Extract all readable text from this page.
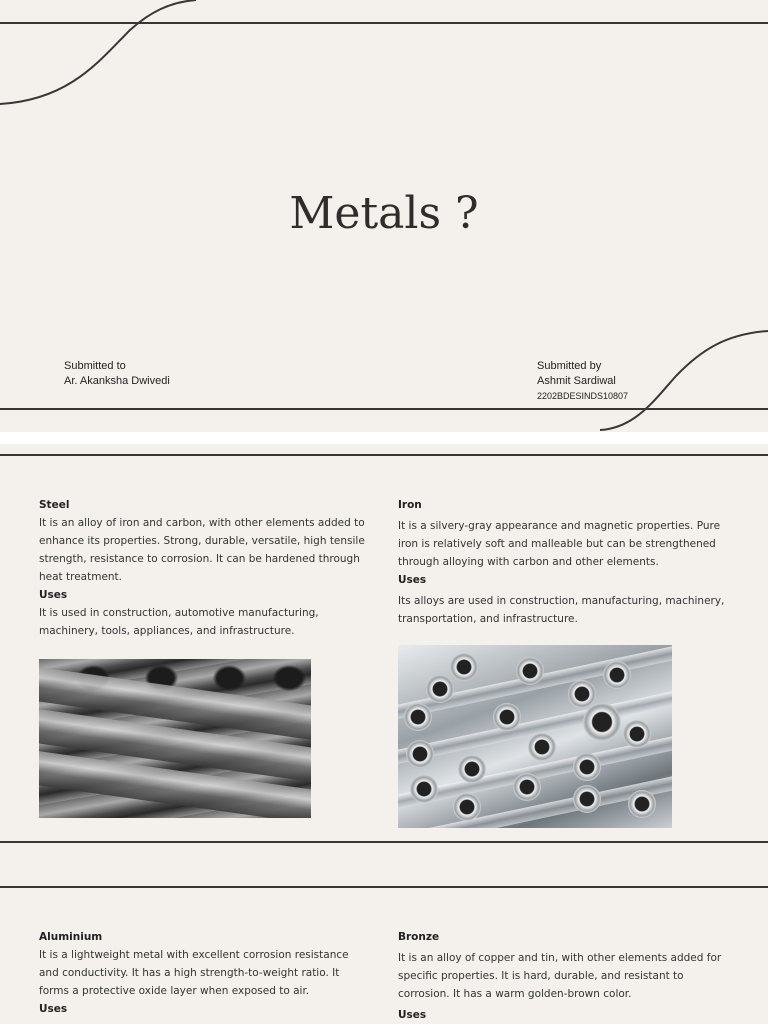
Metals ?
Submitted to
Ar. Akanksha Dwivedi
Submitted by
Ashmit Sardiwal
2202BDESINDS10807
Steel

It is an alloy of iron and carbon, with other elements added to enhance its properties. Strong, durable, versatile, high tensile strength, resistance to corrosion. It can be hardened through heat treatment.

Uses

It is used in construction, automotive manufacturing, machinery, tools, appliances, and infrastructure.

Iron

It is a silvery-gray appearance and magnetic properties. Pure iron is relatively soft and malleable but can be strengthened through alloying with carbon and other elements.

Uses

Its alloys are used in construction, manufacturing, machinery, transportation, and infrastructure.

Aluminium

It is a lightweight metal with excellent corrosion resistance and conductivity. It has a high strength-to-weight ratio. It forms a protective oxide layer when exposed to air.

Uses
Bronze

It is an alloy of copper and tin, with other elements added for specific properties. It is hard, durable, and resistant to corrosion. It has a warm golden-brown color.

Uses
